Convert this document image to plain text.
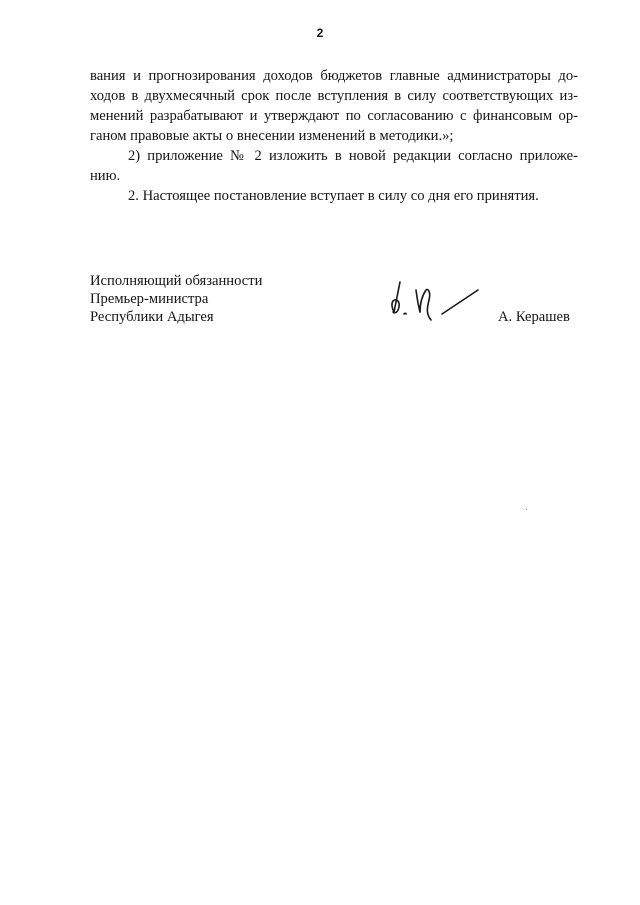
2
вания и прогнозирования доходов бюджетов главные администраторы до-
ходов в двухмесячный срок после вступления в силу соответствующих из-
менений разрабатывают и утверждают по согласованию с финансовым ор-
ганом правовые акты о внесении изменений в методики.»;
2) приложение № 2 изложить в новой редакции согласно приложе-
нию.
2. Настоящее постановление вступает в силу со дня его принятия.
Исполняющий обязанности
Премьер-министра
Республики Адыгея	А. Керашев
